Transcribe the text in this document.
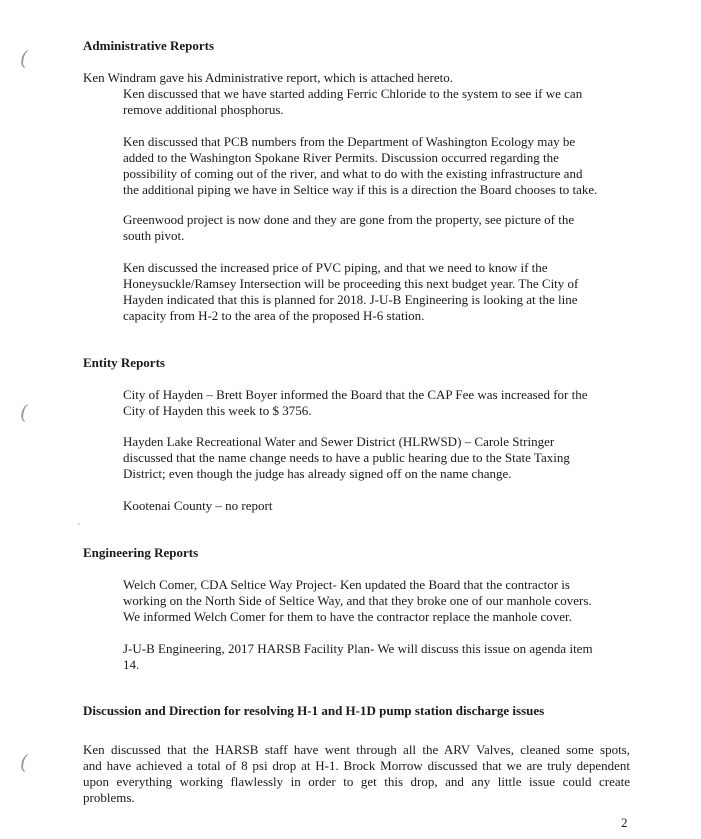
(
(
(

Administrative Reports

Ken Windram gave his Administrative report, which is attached hereto.

Ken discussed that we have started adding Ferric Chloride to the system to see if we can
remove additional phosphorus.
Ken discussed that PCB numbers from the Department of Washington Ecology may be
added to the Washington Spokane River Permits. Discussion occurred regarding the
possibility of coming out of the river, and what to do with the existing infrastructure and
the additional piping we have in Seltice way if this is a direction the Board chooses to take.
Greenwood project is now done and they are gone from the property, see picture of the
south pivot.
Ken discussed the increased price of PVC piping, and that we need to know if the
Honeysuckle/Ramsey Intersection will be proceeding this next budget year. The City of
Hayden indicated that this is planned for 2018. J-U-B Engineering is looking at the line
capacity from H-2 to the area of the proposed H-6 station.

Entity Reports

City of Hayden – Brett Boyer informed the Board that the CAP Fee was increased for the
City of Hayden this week to $ 3756.
Hayden Lake Recreational Water and Sewer District (HLRWSD) – Carole Stringer
discussed that the name change needs to have a public hearing due to the State Taxing
District; even though the judge has already signed off on the name change.
Kootenai County – no report

Engineering Reports

Welch Comer, CDA Seltice Way Project- Ken updated the Board that the contractor is
working on the North Side of Seltice Way, and that they broke one of our manhole covers.
We informed Welch Comer for them to have the contractor replace the manhole cover.
J-U-B Engineering, 2017 HARSB Facility Plan- We will discuss this issue on agenda item
14.

Discussion and Direction for resolving H-1 and H-1D pump station discharge issues

Ken discussed that the HARSB staff have went through all the ARV Valves, cleaned some spots,
and have achieved a total of 8 psi drop at H-1. Brock Morrow discussed that we are truly dependent
upon everything working flawlessly in order to get this drop, and any little issue could create
problems.
2
